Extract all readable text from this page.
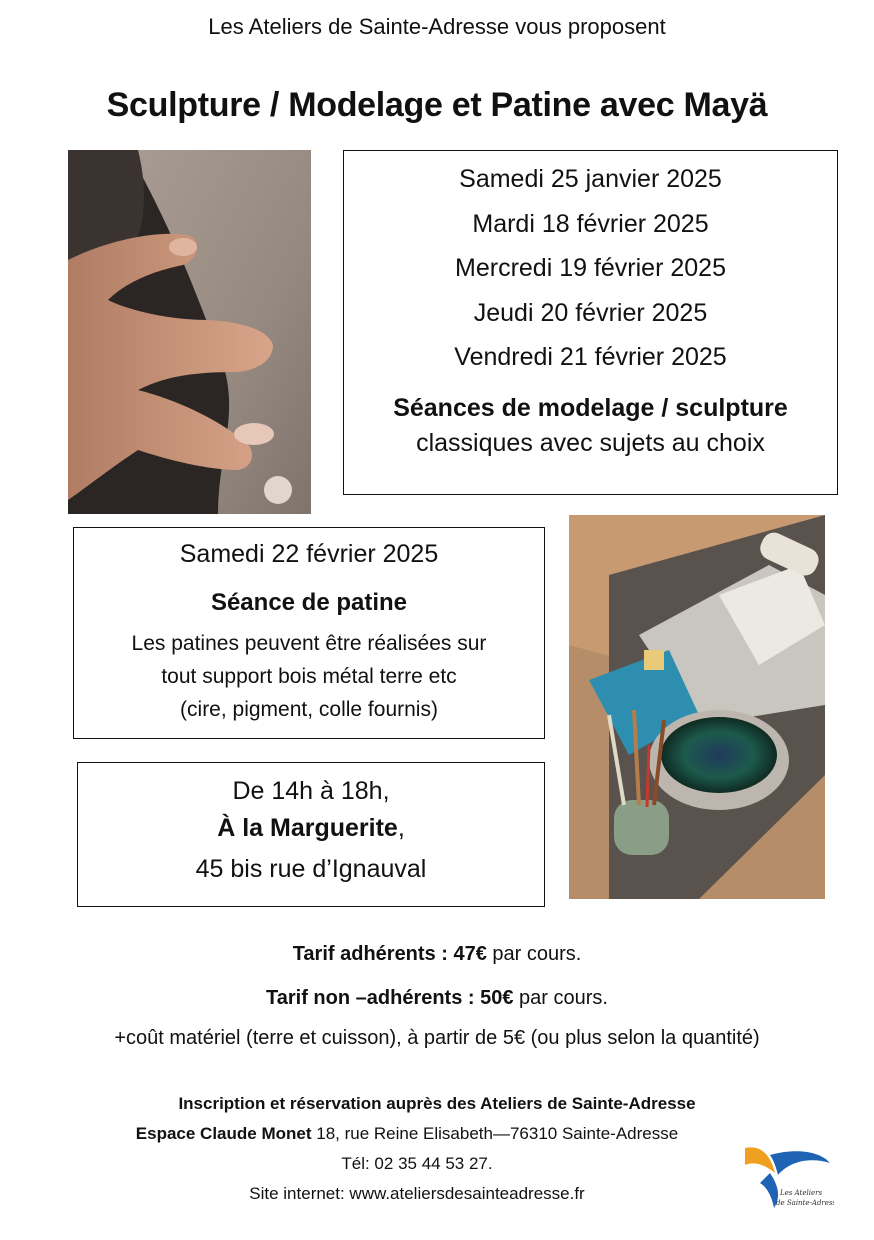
Les Ateliers de Sainte-Adresse vous proposent
Sculpture / Modelage et Patine avec Mayä
Samedi 25 janvier 2025
Mardi 18 février 2025
Mercredi 19 février 2025
Jeudi 20 février 2025
Vendredi 21 février 2025
Séances de modelage / sculpture
classiques avec sujets au choix
Samedi 22 février 2025
Séance de patine
Les patines peuvent être réalisées sur
tout support bois métal terre etc
(cire, pigment, colle fournis)
De 14h à 18h,
À la Marguerite,
45 bis rue d’Ignauval
Tarif adhérents : 47€ par cours.
Tarif non –adhérents : 50€ par cours.
+coût matériel (terre et cuisson), à partir de 5€ (ou plus selon la quantité)
Inscription et réservation auprès des Ateliers de Sainte-Adresse
Espace Claude Monet 18, rue Reine Elisabeth—76310 Sainte-Adresse
Tél: 02 35 44 53 27.
Site internet: www.ateliersdesainteadresse.fr	Les Ateliers
de Sainte-Adresse
